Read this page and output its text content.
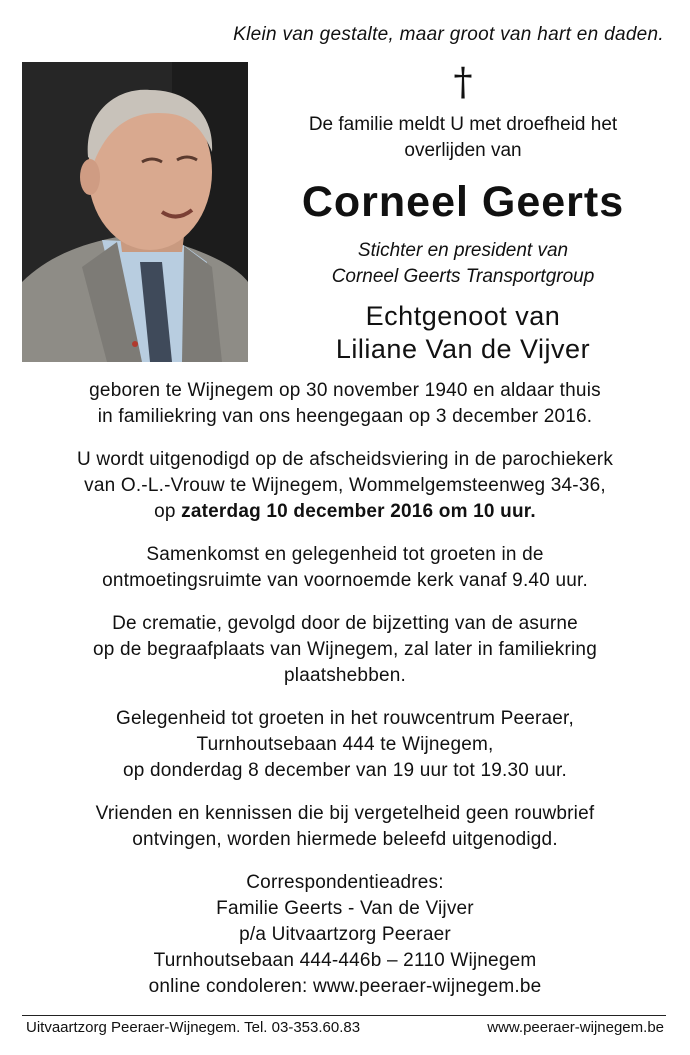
Klein van gestalte, maar groot van hart en daden.
†
De familie meldt U met droefheid het
overlijden van
Corneel Geerts
Stichter en president van
Corneel Geerts Transportgroup
Echtgenoot van
Liliane Van de Vijver

geboren te Wijnegem op 30 november 1940 en aldaar thuis
in familiekring van ons heengegaan op 3 december 2016.

U wordt uitgenodigd op de afscheidsviering in de parochiekerk
van O.-L.-Vrouw te Wijnegem, Wommelgemsteenweg 34-36,
op zaterdag 10 december 2016 om 10 uur.

Samenkomst en gelegenheid tot groeten in de
ontmoetingsruimte van voornoemde kerk vanaf 9.40 uur.

De crematie, gevolgd door de bijzetting van de asurne
op de begraafplaats van Wijnegem, zal later in familiekring
plaatshebben.

Gelegenheid tot groeten in het rouwcentrum Peeraer,
Turnhoutsebaan 444 te Wijnegem,
op donderdag 8 december van 19 uur tot 19.30 uur.

Vrienden en kennissen die bij vergetelheid geen rouwbrief
ontvingen, worden hiermede beleefd uitgenodigd.

Correspondentieadres:
Familie Geerts - Van de Vijver
p/a Uitvaartzorg Peeraer
Turnhoutsebaan 444-446b – 2110 Wijnegem
online condoleren: www.peeraer-wijnegem.be

Uitvaartzorg Peeraer-Wijnegem. Tel. 03-353.60.83	www.peeraer-wijnegem.be
